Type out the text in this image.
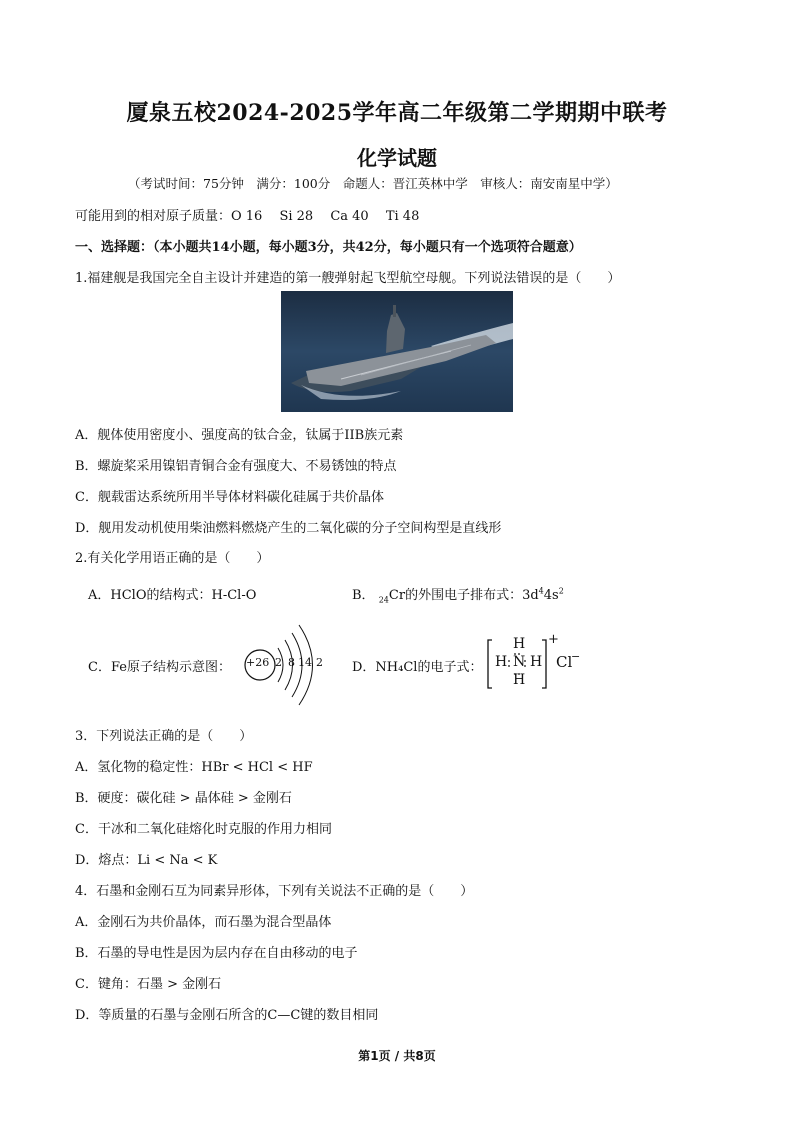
厦泉五校2024-2025学年高二年级第二学期期中联考
化学试题
（考试时间：75分钟　满分：100分　命题人：晋江英林中学　审核人：南安南星中学）
可能用到的相对原子质量：O 16　 Si 28　 Ca 40　 Ti 48
一、选择题：（本小题共14小题，每小题3分，共42分，每小题只有一个选项符合题意）
1.福建舰是我国完全自主设计并建造的第一艘弹射起飞型航空母舰。下列说法错误的是（　　）
A．舰体使用密度小、强度高的钛合金，钛属于IIB族元素
B．螺旋桨采用镍铝青铜合金有强度大、不易锈蚀的特点
C．舰载雷达系统所用半导体材料碳化硅属于共价晶体
D．舰用发动机使用柴油燃料燃烧产生的二氧化碳的分子空间构型是直线形
2.有关化学用语正确的是（　　）
A．HClO的结构式：H-Cl-O	B． $_{24}$Cr的外围电子排布式：$3d^44s^2$
C．Fe原子结构示意图： +26 2 8 14 2 D．NH₄Cl的电子式：
H
H N H
H
+
Cl
−
3．下列说法正确的是（　　）
A．氢化物的稳定性：HBr < HCl < HF
B．硬度：碳化硅 > 晶体硅 > 金刚石
C．干冰和二氧化硅熔化时克服的作用力相同
D．熔点：Li < Na < K
4．石墨和金刚石互为同素异形体，下列有关说法不正确的是（　　）
A．金刚石为共价晶体，而石墨为混合型晶体
B．石墨的导电性是因为层内存在自由移动的电子
C．键角：石墨 > 金刚石
D．等质量的石墨与金刚石所含的C—C键的数目相同
第1页 / 共8页
